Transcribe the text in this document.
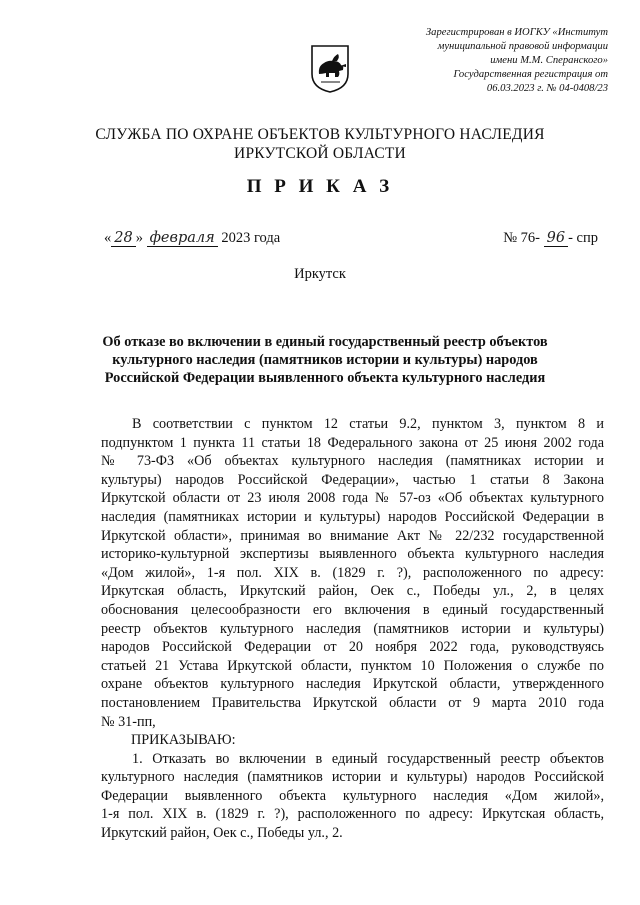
Зарегистрирован в ИОГКУ «Институт
муниципальной правовой информации
имени М.М. Сперанского»
Государственная регистрация от
06.03.2023 г. № 04-0408/23
СЛУЖБА ПО ОХРАНЕ ОБЪЕКТОВ КУЛЬТУРНОГО НАСЛЕДИЯ
ИРКУТСКОЙ ОБЛАСТИ
П Р И К А З
« 28 » февраля 2023 года	№ 76- 96 - спр
Иркутск
Об отказе во включении в единый государственный реестр объектов
культурного наследия (памятников истории и культуры) народов
Российской Федерации выявленного объекта культурного наследия
В соответствии с пунктом 12 статьи 9.2, пунктом 3, пунктом 8 и
подпунктом 1 пункта 11 статьи 18 Федерального закона от 25 июня 2002 года
№ 73-ФЗ «Об объектах культурного наследия (памятниках истории и
культуры) народов Российской Федерации», частью 1 статьи 8 Закона
Иркутской области от 23 июля 2008 года № 57-оз «Об объектах культурного
наследия (памятниках истории и культуры) народов Российской Федерации в
Иркутской области», принимая во внимание Акт № 22/232 государственной
историко-культурной экспертизы выявленного объекта культурного наследия
«Дом жилой», 1-я пол. XIX в. (1829 г. ?), расположенного по адресу:
Иркутская область, Иркутский район, Оек с., Победы ул., 2, в целях
обоснования целесообразности его включения в единый государственный
реестр объектов культурного наследия (памятников истории и культуры)
народов Российской Федерации от 20 ноября 2022 года, руководствуясь
статьей 21 Устава Иркутской области, пунктом 10 Положения о службе по
охране объектов культурного наследия Иркутской области, утвержденного
постановлением Правительства Иркутской области от 9 марта 2010 года
№ 31-пп,
ПРИКАЗЫВАЮ:
1. Отказать во включении в единый государственный реестр объектов
культурного наследия (памятников истории и культуры) народов Российской
Федерации выявленного объекта культурного наследия «Дом жилой»,
1-я пол. XIX в. (1829 г. ?), расположенного по адресу: Иркутская область,
Иркутский район, Оек с., Победы ул., 2.
